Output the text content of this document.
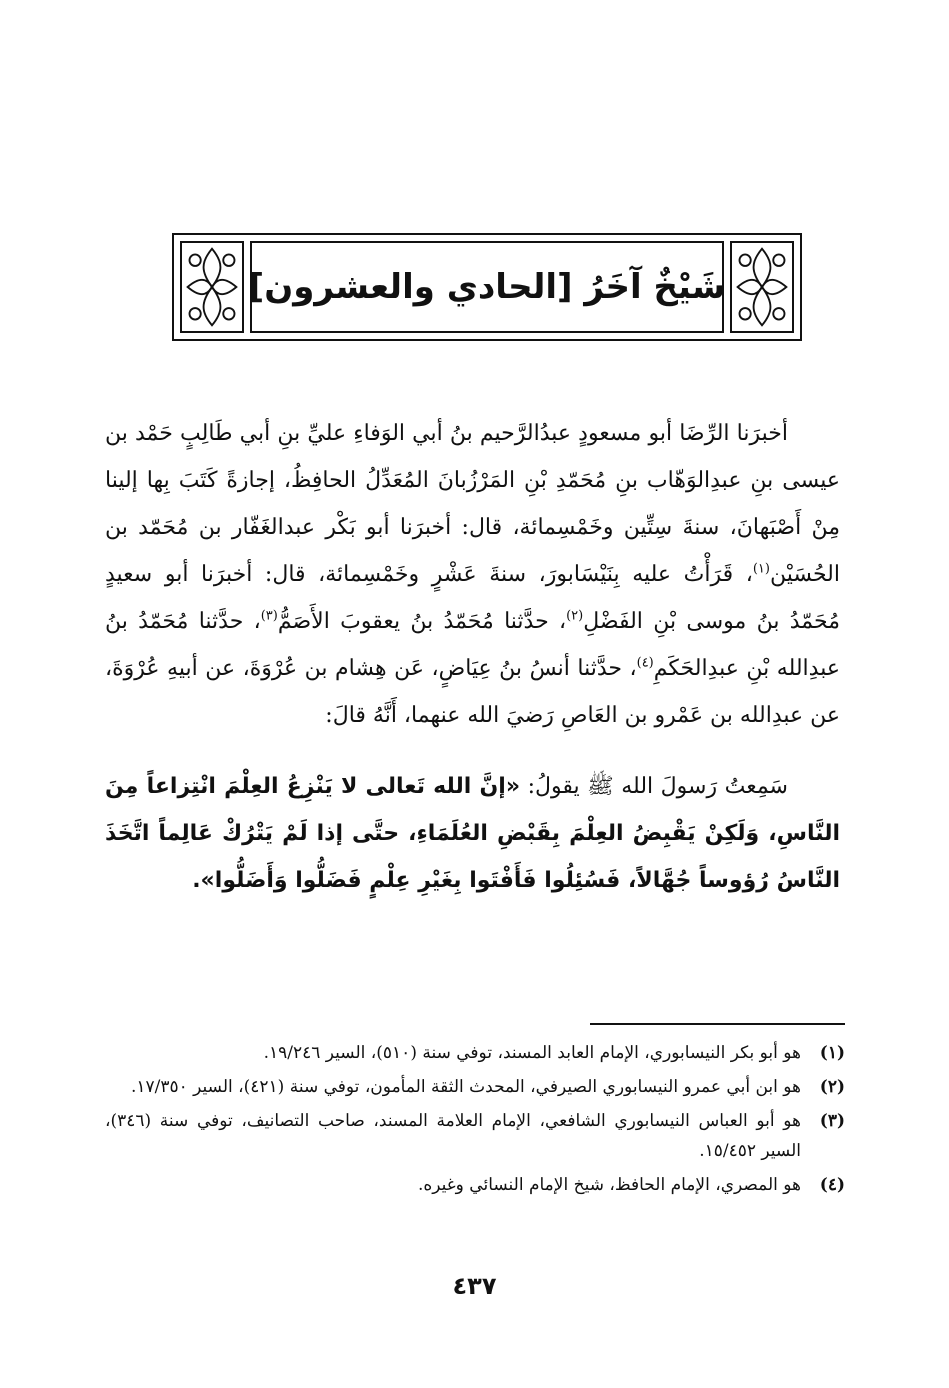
شَيْخٌ آخَرُ [الحادي والعشرون]

أخبرَنا الرِّضَا أبو مسعودٍ عبدُالرَّحيم بنُ أبي الوَفاءِ عليِّ بنِ أبي طَالِبٍ حَمْد بن عيسى بنِ عبدِالوَهّاب بنِ مُحَمّدِ بْنِ المَرْزُبانَ المُعَدِّلُ الحافِظُ، إجازةً كَتَبَ بِها إلينا مِنْ أَصْبَهانَ، سنةَ سِتِّين وخَمْسِمائة، قال: أخبرَنا أبو بَكْر عبدالغَفّار بن مُحَمّد بن الحُسَيْن$^{(١)}$، قَرَأْتُ عليه بِنَيْسَابورَ، سنةَ عَشْرٍ وخَمْسِمائة، قال: أخبرَنا أبو سعيدٍ مُحَمّدُ بنُ موسى بْنِ الفَضْلِ$^{(٢)}$، حدَّثنا مُحَمّدُ بنُ يعقوبَ الأَصَمُّ$^{(٣)}$، حدَّثنا مُحَمّدُ بنُ عبدِالله بْنِ عبدِالحَكَمِ$^{(٤)}$، حدَّثنا أنسُ بنُ عِيَاضٍ، عَن هِشام بن عُرْوَةَ، عن أبيهِ عُرْوَةَ، عن عبدِالله بن عَمْرو بن العَاصِ رَضيَ الله عنهما، أَنَّهُ قالَ:

سَمِعتُ رَسولَ الله ﷺ يقولُ: «إنَّ الله تَعالى لا يَنْزِعُ العِلْمَ انْتِزاعاً مِنَ النَّاسِ، وَلَكِنْ يَقْبِضُ العِلْمَ بِقَبْضِ العُلَمَاءِ، حتَّى إذا لَمْ يَتْرُكْ عَالِماً اتَّخَذَ النَّاسُ رُؤوساً جُهَّالاً، فَسُئِلُوا فَأَفْتَوا بِغَيْرِ عِلْمٍ فَضَلُّوا وَأَضَلُّوا».

(١)
هو أبو بكر النيسابوري، الإمام العابد المسند، توفي سنة (٥١٠)، السير ١٩/٢٤٦.
(٢)
هو ابن أبي عمرو النيسابوري الصيرفي، المحدث الثقة المأمون، توفي سنة (٤٢١)، السير ١٧/٣٥٠.
(٣)
هو أبو العباس النيسابوري الشافعي، الإمام العلامة المسند، صاحب التصانيف، توفي سنة (٣٤٦)، السير ١٥/٤٥٢.
(٤)
هو المصري، الإمام الحافظ، شيخ الإمام النسائي وغيره.
٤٣٧
